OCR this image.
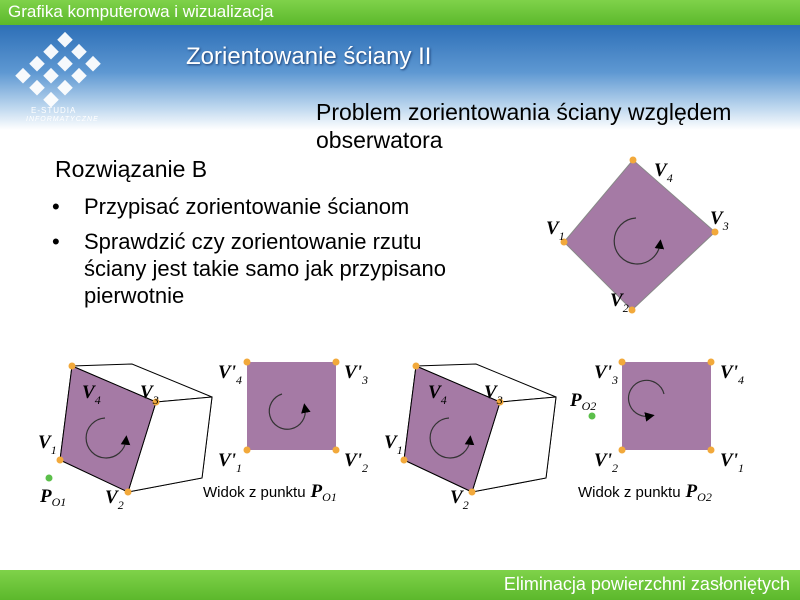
Grafika komputerowa i wizualizacja
E-STUDIA
INFORMATYCZNE
Zorientowanie ściany II
Problem zorientowania ściany względem obserwatora
Rozwiązanie B
• Przypisać zorientowanie ścianom
• Sprawdzić czy zorientowanie rzutu ściany jest takie samo jak przypisano pierwotnie
$V_4$
$V_3$
$V_1$
$V_2$
$V_4$ $V_3$
$V_1$
$V_2$
$P_{O1}$
$V'_4$	$V'_3$
$V'_1$	$V'_2$
Widok z punktu $P_{O1}$
$V_4$ $V_3$
$V_1$
$V_2$
$V'_3$	$V'_4$
$V'_2$	$V'_1$
$P_{O2}$
Widok z punktu $P_{O2}$
Eliminacja powierzchni zasłoniętych
